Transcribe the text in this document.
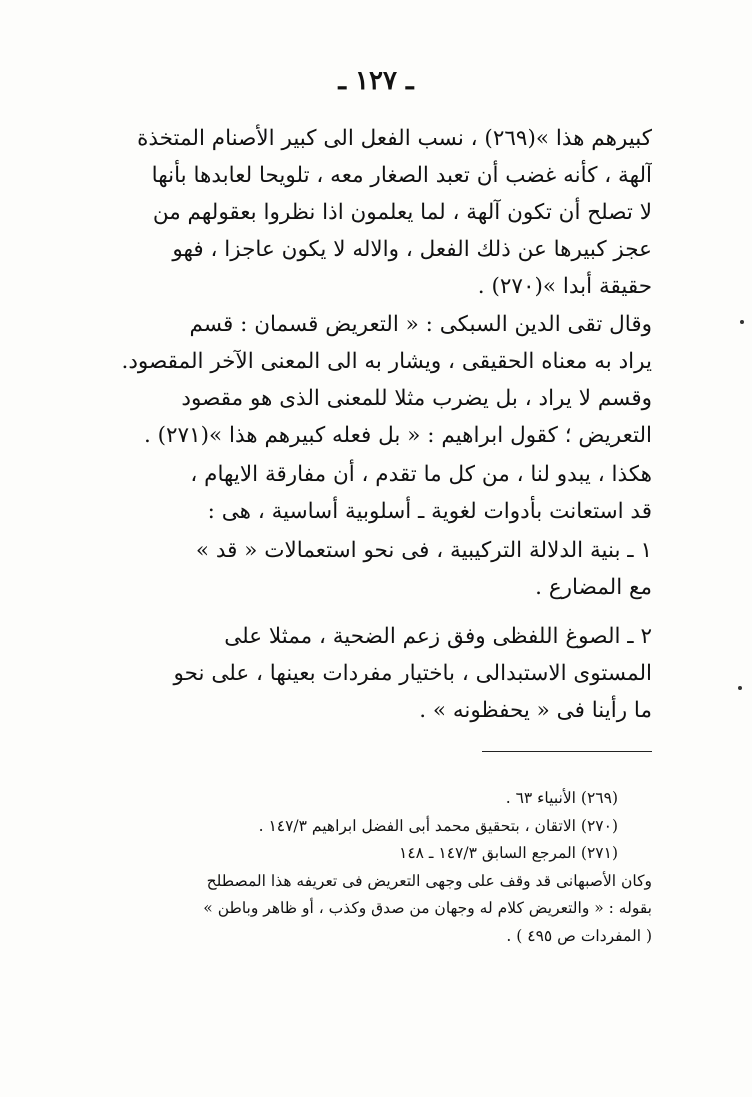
ـ ١٢٧ ـ
كبيرهم هذا »(٢٦٩) ، نسب الفعل الى كبير الأصنام المتخذة
آلهة ، كأنه غضب أن تعبد الصغار معه ، تلويحا لعابدها بأنها
لا تصلح أن تكون آلهة ، لما يعلمون اذا نظروا بعقولهم من
عجز كبيرها عن ذلك الفعل ، والاله لا يكون عاجزا ، فهو
حقيقة أبدا »(٢٧٠) .
وقال تقى الدين السبكى : « التعريض قسمان : قسم
يراد به معناه الحقيقى ، ويشار به الى المعنى الآخر المقصود.
وقسم لا يراد ، بل يضرب مثلا للمعنى الذى هو مقصود
التعريض ؛ كقول ابراهيم : « بل فعله كبيرهم هذا »(٢٧١) .
هكذا ، يبدو لنا ، من كل ما تقدم ، أن مفارقة الايهام ،
قد استعانت بأدوات لغوية ـ أسلوبية أساسية ، هى :
١ ـ بنية الدلالة التركيبية ، فى نحو استعمالات « قد »
مع المضارع .
٢ ـ الصوغ اللفظى وفق زعم الضحية ، ممثلا على
المستوى الاستبدالى ، باختيار مفردات بعينها ، على نحو
ما رأينا فى « يحفظونه » .
(٢٦٩) الأنبياء ٦٣ .
(٢٧٠) الاتقان ، بتحقيق محمد أبى الفضل ابراهيم ١٤٧/٣ .
(٢٧١) المرجع السابق ١٤٧/٣ ـ ١٤٨
وكان الأصبهانى قد وقف على وجهى التعريض فى تعريفه هذا المصطلح
بقوله : « والتعريض كلام له وجهان من صدق وكذب ، أو ظاهر وباطن »
( المفردات ص ٤٩٥ ) .
